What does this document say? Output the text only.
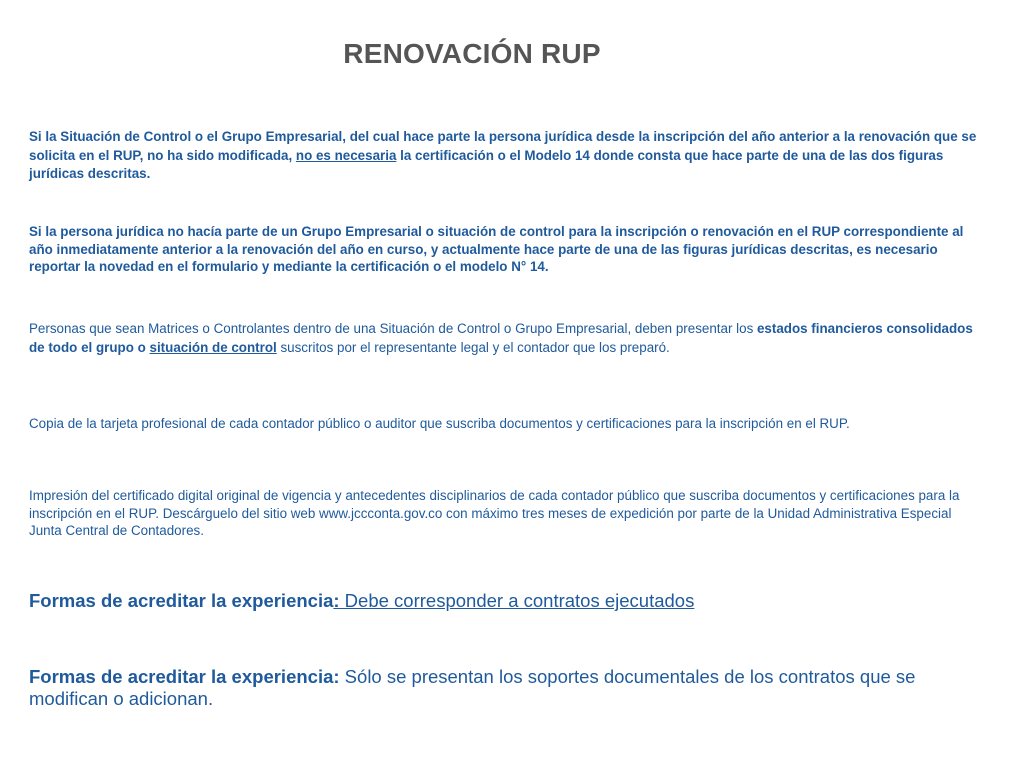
RENOVACIÓN RUP
Si la Situación de Control o el Grupo Empresarial, del cual hace parte la persona jurídica desde la inscripción del año anterior a la renovación que se solicita en el RUP, no ha sido modificada, no es necesaria la certificación o el Modelo 14 donde consta que hace parte de una de las dos figuras jurídicas descritas.
Si la persona jurídica no hacía parte de un Grupo Empresarial o situación de control para la inscripción o renovación en el RUP correspondiente al año inmediatamente anterior a la renovación del año en curso, y actualmente hace parte de una de las figuras jurídicas descritas, es necesario reportar la novedad en el formulario y mediante la certificación o el modelo N° 14.
Personas que sean Matrices o Controlantes dentro de una Situación de Control o Grupo Empresarial, deben presentar los estados financieros consolidados de todo el grupo o situación de control suscritos por el representante legal y el contador que los preparó.
Copia de la tarjeta profesional de cada contador público o auditor que suscriba documentos y certificaciones para la inscripción en el RUP.
Impresión del certificado digital original de vigencia y antecedentes disciplinarios de cada contador público que suscriba documentos y certificaciones para la inscripción en el RUP. Descárguelo del sitio web www.jccconta.gov.co con máximo tres meses de expedición por parte de la Unidad Administrativa Especial Junta Central de Contadores.
Formas de acreditar la experiencia: Debe corresponder a contratos ejecutados
Formas de acreditar la experiencia: Sólo se presentan los soportes documentales de los contratos que se modifican o adicionan.
